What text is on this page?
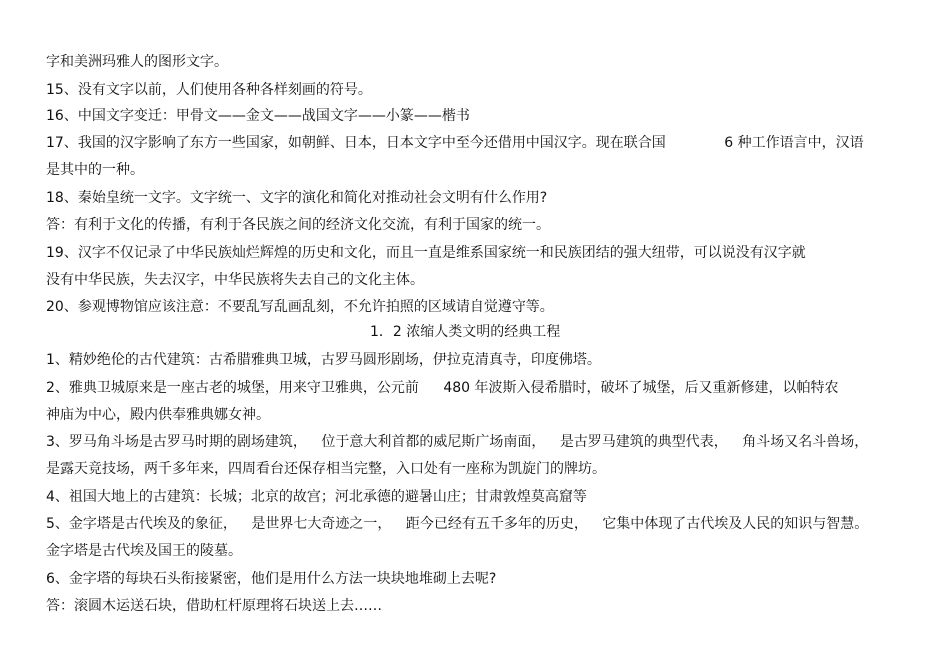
字和美洲玛雅人的图形文字。
15、没有文字以前，人们使用各种各样刻画的符号。
16、中国文字变迁：甲骨文——金文——战国文字——小篆——楷书
17、我国的汉字影响了东方一些国家，如朝鲜、日本，日本文字中至今还借用中国汉字。现在联合国	6 种工作语言中，汉语
是其中的一种。
18、秦始皇统一文字。文字统一、文字的演化和简化对推动社会文明有什么作用?
答：有利于文化的传播，有利于各民族之间的经济文化交流，有利于国家的统一。
19、汉字不仅记录了中华民族灿烂辉煌的历史和文化，而且一直是维系国家统一和民族团结的强大纽带，可以说没有汉字就
没有中华民族，失去汉字，中华民族将失去自己的文化主体。
20、参观博物馆应该注意：不要乱写乱画乱刻，不允许拍照的区域请自觉遵守等。
1．2 浓缩人类文明的经典工程
1、精妙绝伦的古代建筑：古希腊雅典卫城，古罗马圆形剧场，伊拉克清真寺，印度佛塔。
2、雅典卫城原来是一座古老的城堡，用来守卫雅典，公元前 480 年波斯入侵希腊时，破坏了城堡，后又重新修建，以帕特农
神庙为中心，殿内供奉雅典娜女神。
3、罗马角斗场是古罗马时期的剧场建筑， 位于意大利首都的威尼斯广场南面， 是古罗马建筑的典型代表， 角斗场又名斗兽场，
是露天竞技场，两千多年来，四周看台还保存相当完整，入口处有一座称为凯旋门的牌坊。
4、祖国大地上的古建筑：长城；北京的故宫；河北承德的避暑山庄；甘肃敦煌莫高窟等
5、金字塔是古代埃及的象征， 是世界七大奇迹之一， 距今已经有五千多年的历史， 它集中体现了古代埃及人民的知识与智慧。
金字塔是古代埃及国王的陵墓。
6、金字塔的每块石头衔接紧密，他们是用什么方法一块块地堆砌上去呢?
答：滚圆木运送石块，借助杠杆原理将石块送上去……
